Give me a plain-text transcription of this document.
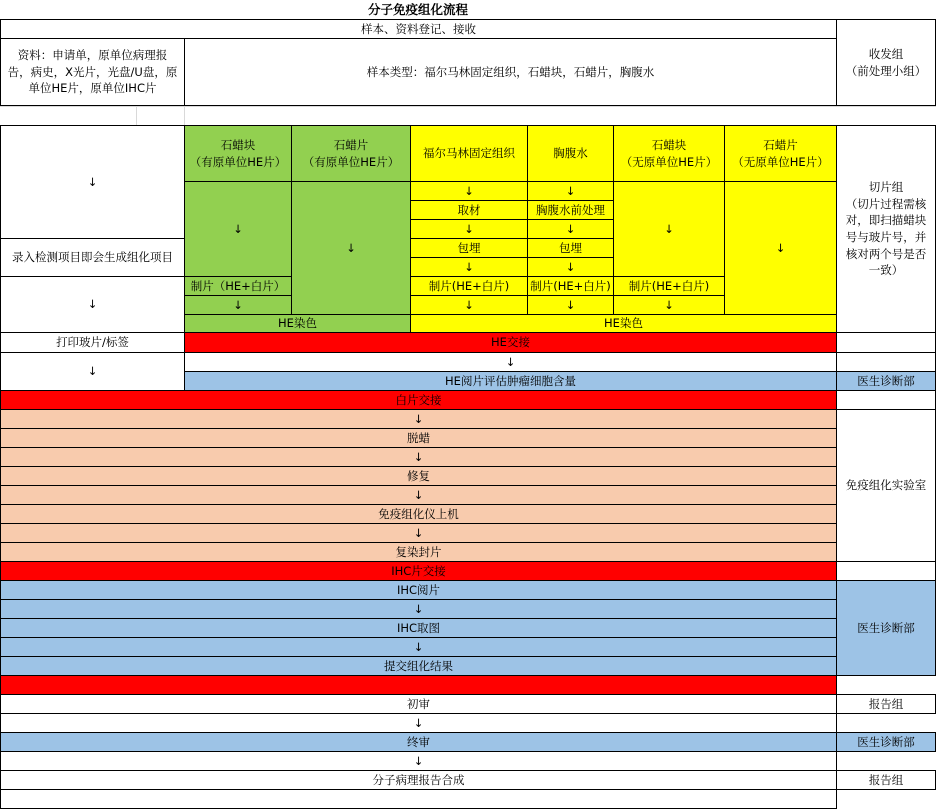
分子免疫组化流程
样本、资料登记、接收
资料：申请单，原单位病理报告，病史，X光片，光盘/U盘，原单位HE片，原单位IHC片
样本类型：福尔马林固定组织，石蜡块，石蜡片，胸腹水
收发组
（前处理小组）
↓
录入检测项目即会生成组化项目
↓
打印玻片/标签
↓
石蜡块
（有原单位HE片）
↓
制片（HE+白片）
↓
石蜡片
（有原单位HE片）
↓
HE染色
福尔马林固定组织
↓
取材
↓
包埋
↓
制片(HE+白片)
↓
胸腹水
↓
胸腹水前处理
↓
包埋
↓
制片(HE+白片)
↓
石蜡块
（无原单位HE片）
↓
制片(HE+白片)
↓
石蜡片
（无原单位HE片）
↓
HE染色
切片组
（切片过程需核对，即扫描蜡块号与玻片号，并核对两个号是否一致）
HE交接
↓
HE阅片评估肿瘤细胞含量	医生诊断部
白片交接
↓
脱蜡
↓
修复
↓
免疫组化仪上机
↓
复染封片
免疫组化实验室
IHC片交接
IHC阅片
↓
IHC取图
↓
提交组化结果
医生诊断部
初审	报告组
↓
终审	医生诊断部
↓
分子病理报告合成	报告组
